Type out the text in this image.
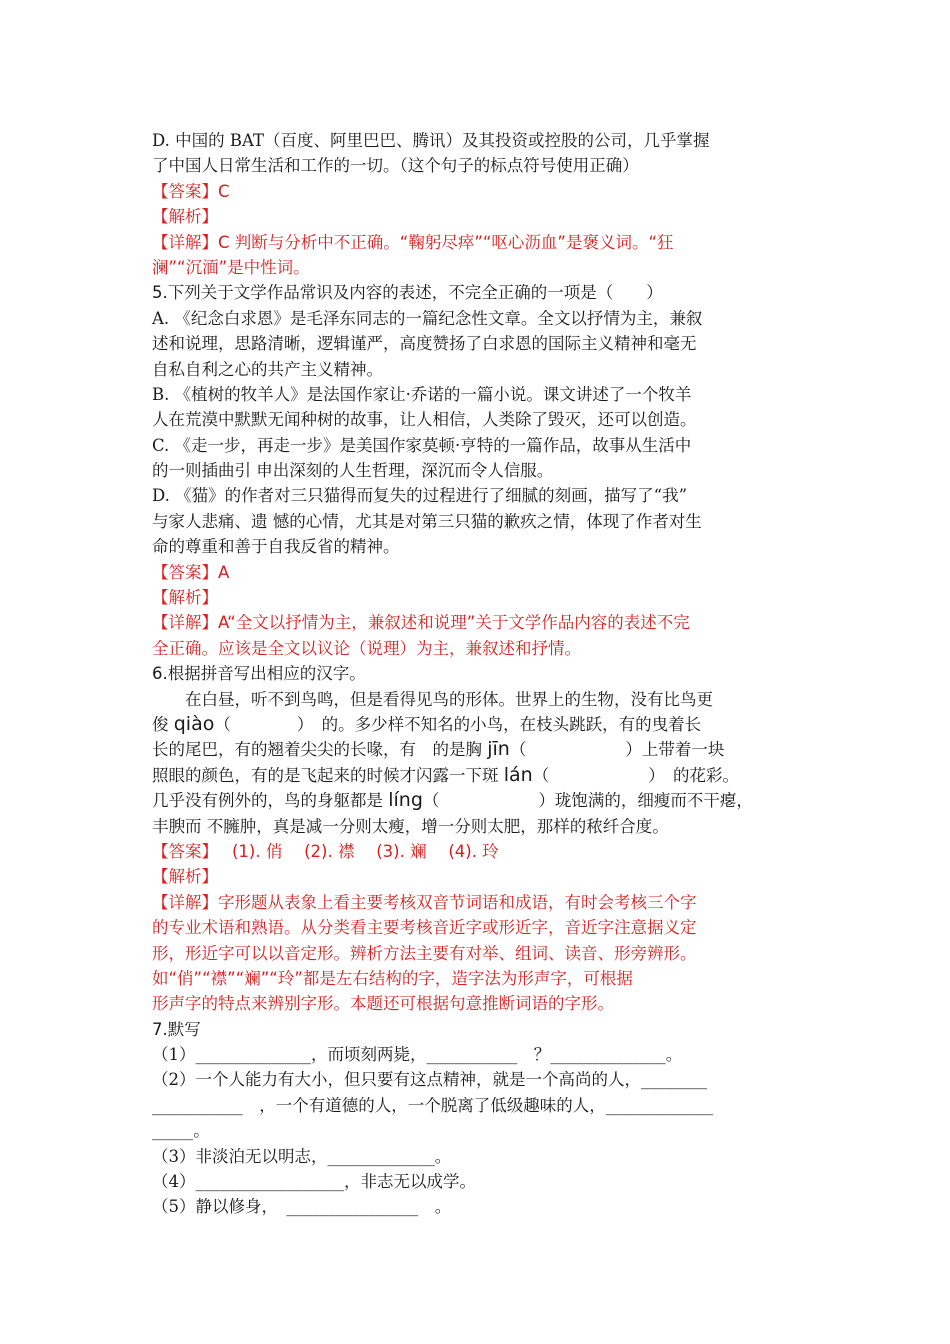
D. 中国的 BAT（百度、阿里巴巴、腾讯）及其投资或控股的公司，几乎掌握
了中国人日常生活和工作的一切。（这个句子的标点符号使用正确）
【答案】C
【解析】
【详解】C 判断与分析中不正确。“鞠躬尽瘁”“呕心沥血”是褒义词。“狂
澜”“沉湎”是中性词。
5.下列关于文学作品常识及内容的表述，不完全正确的一项是（　　）
A. 《纪念白求恩》是毛泽东同志的一篇纪念性文章。全文以抒情为主，兼叙
述和说理，思路清晰，逻辑谨严，高度赞扬了白求恩的国际主义精神和毫无
自私自利之心的共产主义精神。
B. 《植树的牧羊人》是法国作家让·乔诺的一篇小说。课文讲述了一个牧羊
人在荒漠中默默无闻种树的故事，让人相信，人类除了毁灭，还可以创造。
C. 《走一步，再走一步》是美国作家莫顿·亨特的一篇作品，故事从生活中
的一则插曲引 申出深刻的人生哲理，深沉而令人信服。
D. 《猫》的作者对三只猫得而复失的过程进行了细腻的刻画，描写了“我”
与家人悲痛、遗 憾的心情，尤其是对第三只猫的歉疚之情，体现了作者对生
命的尊重和善于自我反省的精神。
【答案】A
【解析】
【详解】A“全文以抒情为主，兼叙述和说理”关于文学作品内容的表述不完
全正确。应该是全文以议论（说理）为主，兼叙述和抒情。
6.根据拼音写出相应的汉字。
在白昼，听不到鸟鸣，但是看得见鸟的形体。世界上的生物，没有比鸟更
俊 qiào（　　　　）　的。多少样不知名的小鸟，在枝头跳跃，有的曳着长
长的尾巴，有的翘着尖尖的长喙，有　的是胸 jīn（　　　　　　）上带着一块
照眼的颜色，有的是飞起来的时候才闪露一下斑 lán（　　　　　　）　的花彩。
几乎没有例外的，鸟的身躯都是 líng（　　　　　　）珑饱满的，细瘦而不干瘪，
丰腴而 不臃肿，真是减一分则太瘦，增一分则太肥，那样的秾纤合度。
【答案】 (1). 俏　 (2). 襟　 (3). 斓　 (4). 玲
【解析】
【详解】字形题从表象上看主要考核双音节词语和成语，有时会考核三个字
的专业术语和熟语。从分类看主要考核音近字或形近字，音近字注意据义定
形，形近字可以以音定形。辨析方法主要有对举、组词、读音、形旁辨形。
如“俏”“襟”“斓”“玲”都是左右结构的字，造字法为形声字，可根据
形声字的特点来辨别字形。本题还可根据句意推断词语的字形。
7.默写
（1）______________，而顷刻两毙，___________　？______________。
（2）一个人能力有大小，但只要有这点精神，就是一个高尚的人，________
___________　，一个有道德的人，一个脱离了低级趣味的人，_____________
_____。
（3）非淡泊无以明志，_____________。
（4）__________________，非志无以成学。
（5）静以修身，　________________　。
